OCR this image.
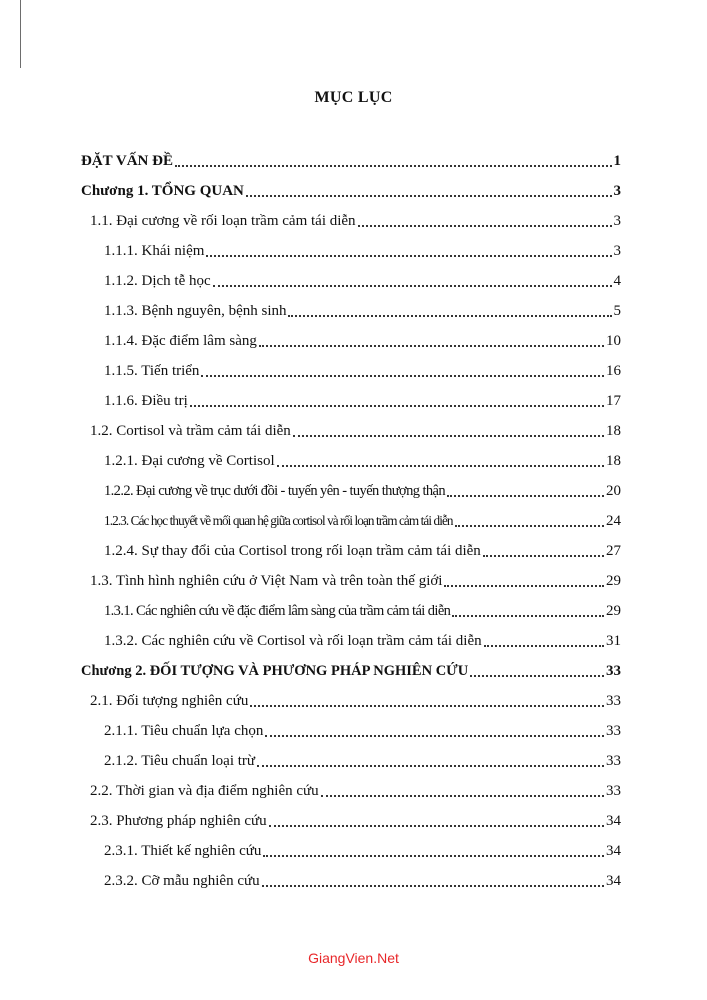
MỤC LỤC
ĐẶT VẤN ĐỀ	1
Chương 1. TỔNG QUAN	3
1.1. Đại cương về rối loạn trầm cảm tái diễn	3
1.1.1. Khái niệm	3
1.1.2. Dịch tễ học	4
1.1.3. Bệnh nguyên, bệnh sinh	5
1.1.4. Đặc điểm lâm sàng	10
1.1.5. Tiến triển	16
1.1.6. Điều trị	17
1.2. Cortisol và trầm cảm tái diễn	18
1.2.1. Đại cương về Cortisol	18
1.2.2. Đại cương về trục dưới đồi - tuyến yên - tuyến thượng thận	20
1.2.3. Các học thuyết về mối quan hệ giữa cortisol và rối loạn trầm cảm tái diễn	24
1.2.4. Sự thay đổi của Cortisol trong rối loạn trầm cảm tái diễn	27
1.3. Tình hình nghiên cứu ở Việt Nam và trên toàn thế giới	29
1.3.1. Các nghiên cứu về đặc điểm lâm sàng của trầm cảm tái diễn	29
1.3.2. Các nghiên cứu về Cortisol và rối loạn trầm cảm tái diễn	31
Chương 2. ĐỐI TƯỢNG VÀ PHƯƠNG PHÁP NGHIÊN CỨU	33
2.1. Đối tượng nghiên cứu	33
2.1.1. Tiêu chuẩn lựa chọn	33
2.1.2. Tiêu chuẩn loại trừ	33
2.2. Thời gian và địa điểm nghiên cứu	33
2.3. Phương pháp nghiên cứu	34
2.3.1. Thiết kế nghiên cứu	34
2.3.2. Cỡ mẫu nghiên cứu	34
GiangVien.Net
